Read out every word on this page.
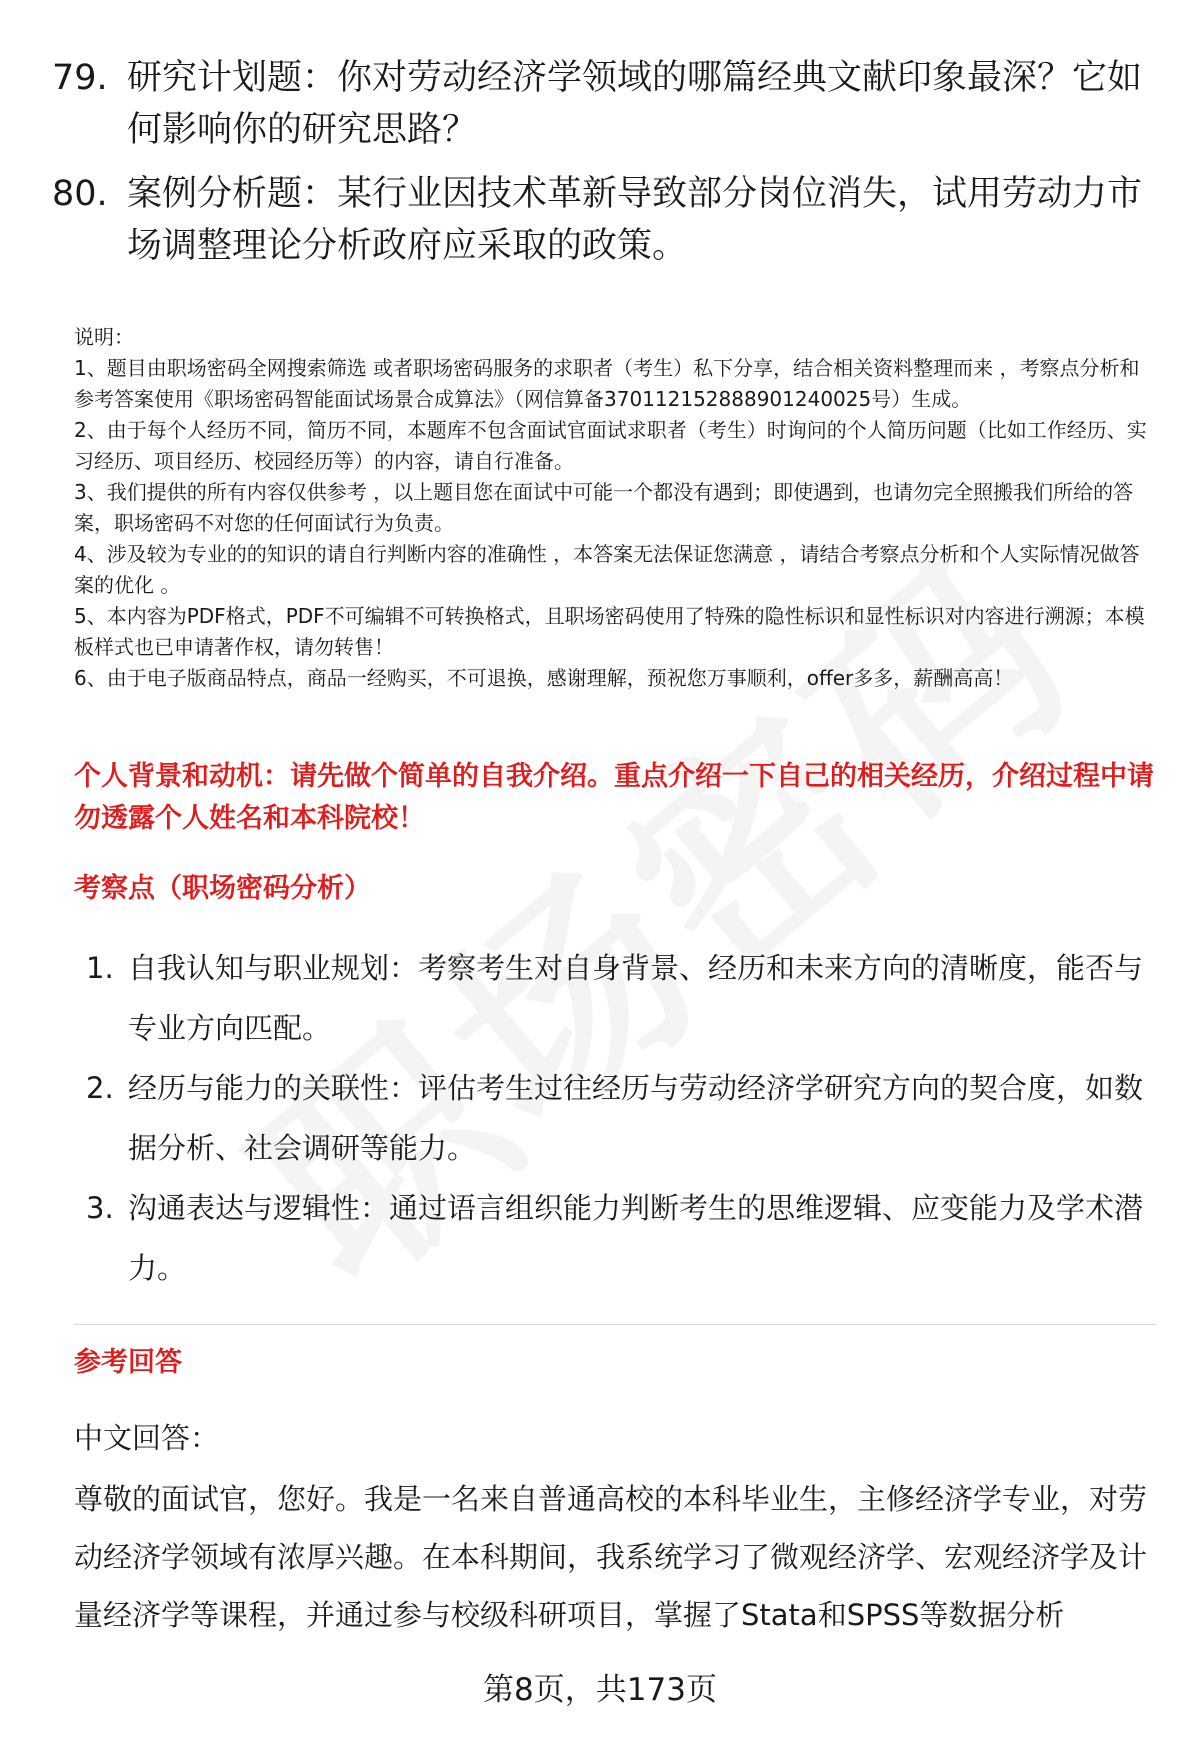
79. 研究计划题：你对劳动经济学领域的哪篇经典文献印象最深？它如何影响你的研究思路？
80. 案例分析题：某行业因技术革新导致部分岗位消失，试用劳动力市场调整理论分析政府应采取的政策。

说明：

1、题目由职场密码全网搜索筛选 或者职场密码服务的求职者（考生）私下分享，结合相关资料整理而来 ，考察点分析和参考答案使用《职场密码智能面试场景合成算法》（网信算备370112152888901240025号）生成。

2、由于每个人经历不同，简历不同，本题库不包含面试官面试求职者（考生）时询问的个人简历问题（比如工作经历、实习经历、项目经历、校园经历等）的内容，请自行准备。

3、我们提供的所有内容仅供参考 ，以上题目您在面试中可能一个都没有遇到；即使遇到，也请勿完全照搬我们所给的答案，职场密码不对您的任何面试行为负责。

4、涉及较为专业的的知识的请自行判断内容的准确性 ，本答案无法保证您满意 ，请结合考察点分析和个人实际情况做答案的优化 。

5、本内容为PDF格式，PDF不可编辑不可转换格式，且职场密码使用了特殊的隐性标识和显性标识对内容进行溯源；本模板样式也已申请著作权，请勿转售！

6、由于电子版商品特点，商品一经购买，不可退换，感谢理解，预祝您万事顺利，offer多多，薪酬高高！

个人背景和动机：请先做个简单的自我介绍。重点介绍一下自己的相关经历，介绍过程中请勿透露个人姓名和本科院校！
考察点（职场密码分析）
1. 自我认知与职业规划：考察考生对自身背景、经历和未来方向的清晰度，能否与专业方向匹配。
2. 经历与能力的关联性：评估考生过往经历与劳动经济学研究方向的契合度，如数据分析、社会调研等能力。
3. 沟通表达与逻辑性：通过语言组织能力判断考生的思维逻辑、应变能力及学术潜力。
参考回答
中文回答：
尊敬的面试官，您好。我是一名来自普通高校的本科毕业生，主修经济学专业，对劳动经济学领域有浓厚兴趣。在本科期间，我系统学习了微观经济学、宏观经济学及计量经济学等课程，并通过参与校级科研项目，掌握了Stata和SPSS等数据分析
第8页，共173页
